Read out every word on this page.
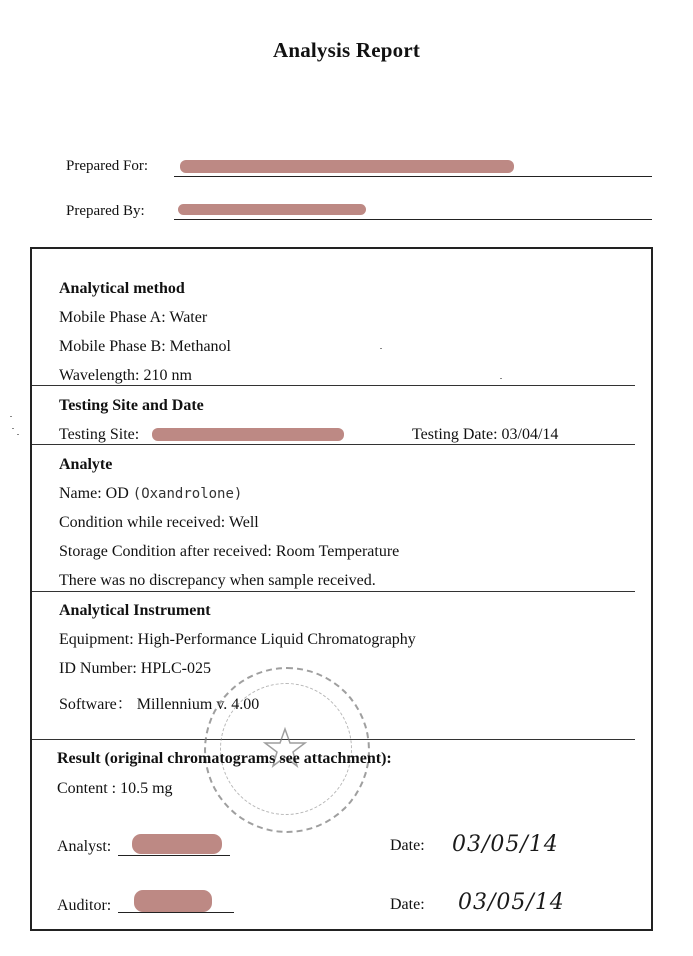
Analysis Report
Prepared For:
Prepared By:
Analytical method
Mobile Phase A: Water
Mobile Phase B: Methanol
Wavelength: 210 nm
Testing Site and Date
Testing Site:	Testing Date: 03/04/14
Analyte
Name: OD (Oxandrolone)
Condition while received: Well
Storage Condition after received: Room Temperature
There was no discrepancy when sample received.
Analytical Instrument
Equipment: High-Performance Liquid Chromatography
ID Number: HPLC-025
Software： Millennium v. 4.00
Result (original chromatograms see attachment):
Content : 10.5 mg
Analyst:	Date: 03/05/14
Auditor:	Date: 03/05/14
